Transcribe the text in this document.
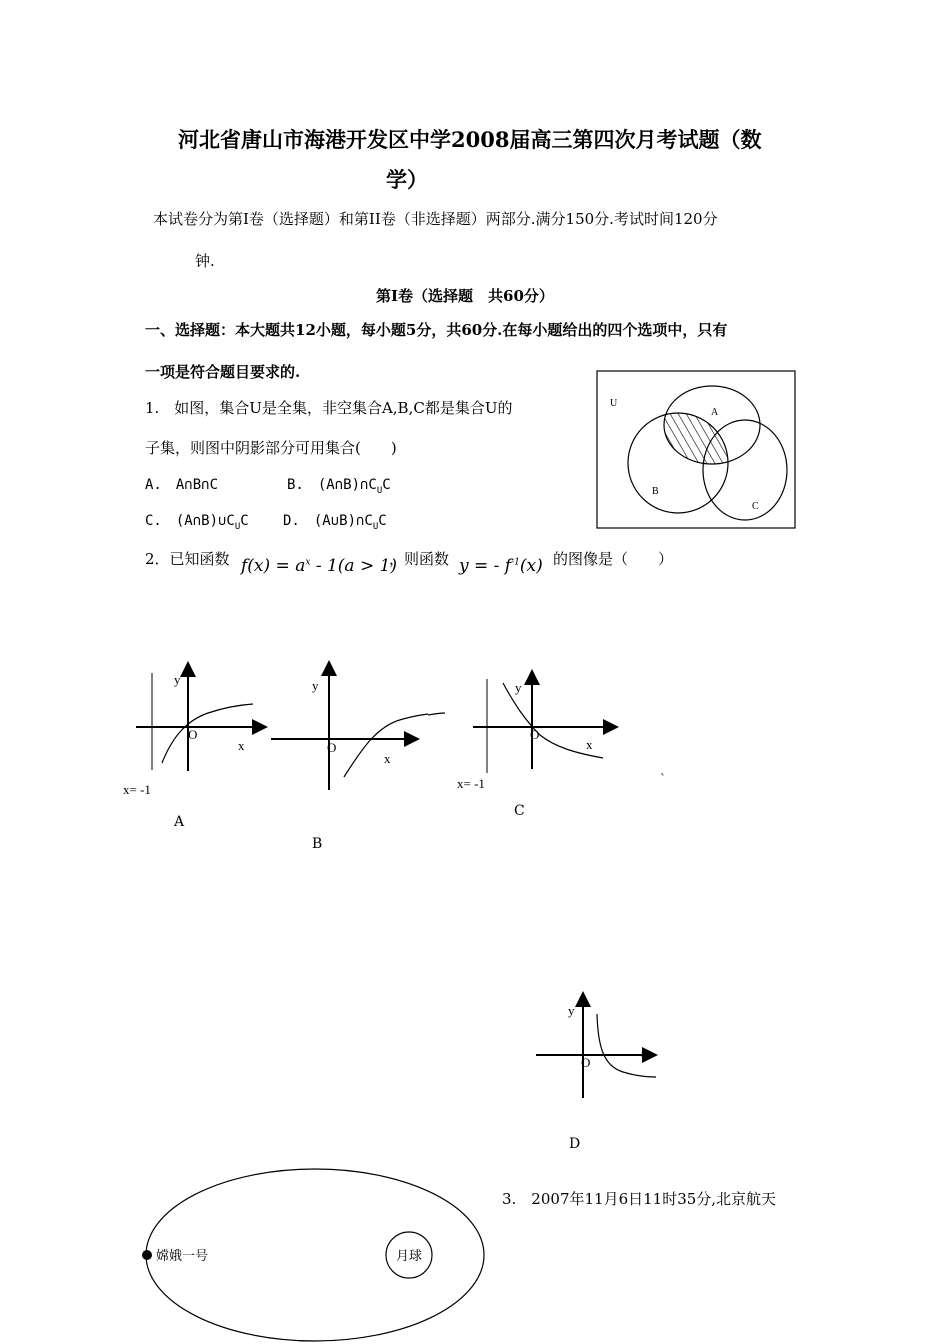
河北省唐山市海港开发区中学2008届高三第四次月考试题（数
学）
本试卷分为第Ⅰ卷（选择题）和第II卷（非选择题）两部分.满分150分.考试时间120分
钟.
第Ⅰ卷（选择题　共60分）
一、选择题：本大题共12小题，每小题5分，共60分.在每小题给出的四个选项中，只有
一项是符合题目要求的.
1.　如图，集合U是全集，非空集合A,B,C都是集合U的
子集，则图中阴影部分可用集合(　　)
A.　A∩B∩C	B.　$(A\cap B)\cap C_UC$
C.　$(A\cap B)\cup C_UC$ D.　$(A\cup B)\cap C_UC$
U
A
B
C
2．已知函数 $f(x) = a^x - 1(a > 1)$
，则函数 y = - $f^{-1}(x)$ 的图像是（　　）
y
x
O
x= -1
A
y
x
O
B
y
x
O
x= -1
C
`
y
x
O
D
3.　2007年11月6日11时35分,北京航天
嫦娥一号	月球
